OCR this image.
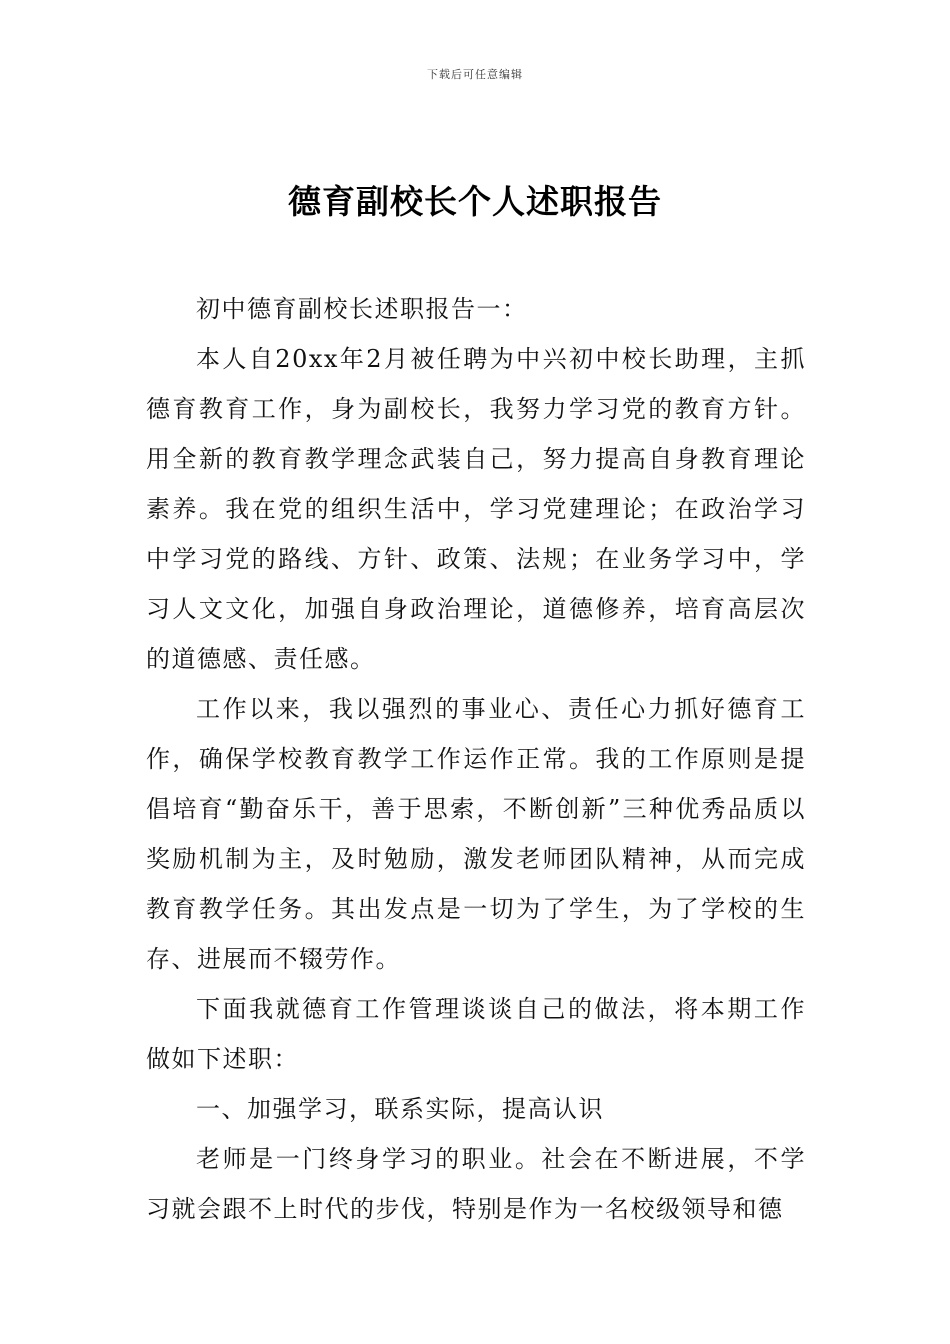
下载后可任意编辑
德育副校长个人述职报告

初中德育副校长述职报告一：

本人自20xx年2月被任聘为中兴初中校长助理，主抓德育教育工作，身为副校长，我努力学习党的教育方针。用全新的教育教学理念武装自己，努力提高自身教育理论素养。我在党的组织生活中，学习党建理论；在政治学习中学习党的路线、方针、政策、法规；在业务学习中，学习人文文化，加强自身政治理论，道德修养，培育高层次的道德感、责任感。

工作以来，我以强烈的事业心、责任心力抓好德育工作，确保学校教育教学工作运作正常。我的工作原则是提倡培育“勤奋乐干，善于思索，不断创新”三种优秀品质以奖励机制为主，及时勉励，激发老师团队精神，从而完成教育教学任务。其出发点是一切为了学生，为了学校的生存、进展而不辍劳作。

下面我就德育工作管理谈谈自己的做法，将本期工作做如下述职：

一、加强学习，联系实际，提高认识

老师是一门终身学习的职业。社会在不断进展，不学习就会跟不上时代的步伐，特别是作为一名校级领导和德
